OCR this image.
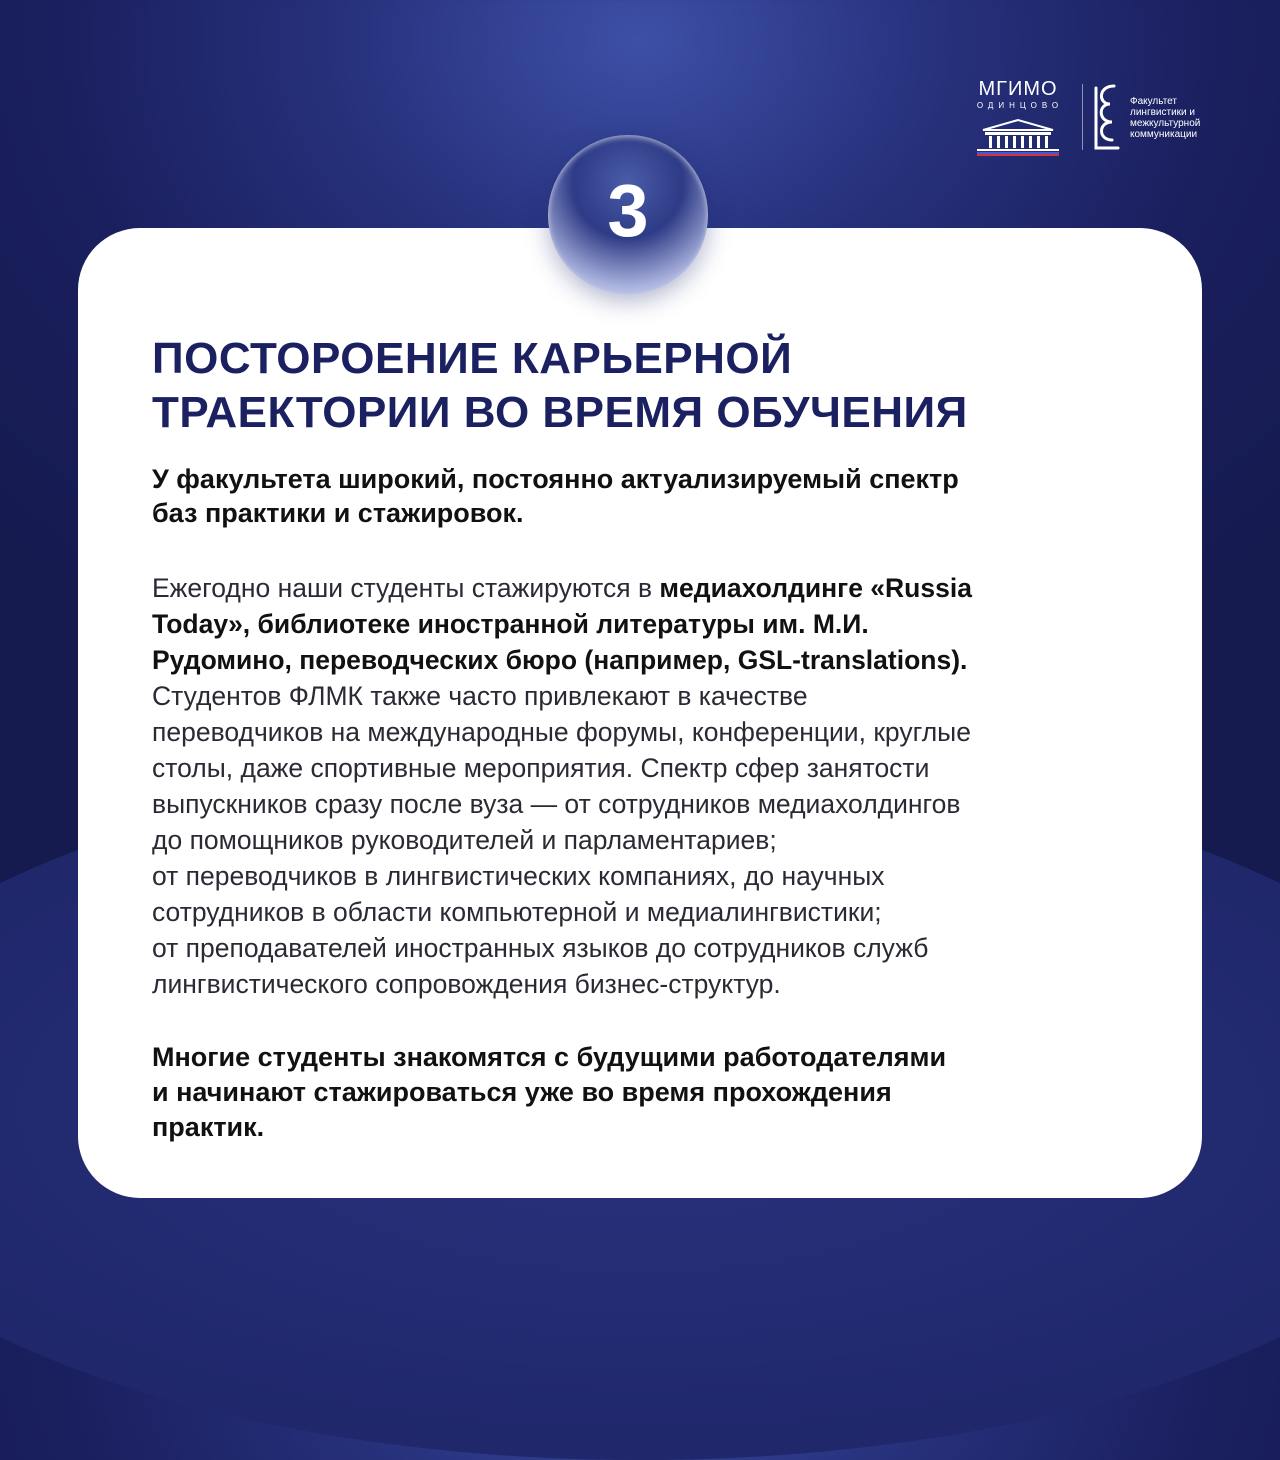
МГИМО
ОДИНЦОВО	Факультет
лингвистики и
межкультурной
коммуникации
3
ПОСТОРОЕНИЕ КАРЬЕРНОЙ
ТРАЕКТОРИИ ВО ВРЕМЯ ОБУЧЕНИЯ

У факультета широкий, постоянно актуализируемый спектр
баз практики и стажировок.

Ежегодно наши студенты стажируются в медиахолдинге «Russia
Today», библиотеке иностранной литературы им. М.И.
Рудомино, переводческих бюро (например, GSL-translations).
Студентов ФЛМК также часто привлекают в качестве
переводчиков на международные форумы, конференции, круглые
столы, даже спортивные мероприятия. Спектр сфер занятости
выпускников сразу после вуза — от сотрудников медиахолдингов
до помощников руководителей и парламентариев;
от переводчиков в лингвистических компаниях, до научных
сотрудников в области компьютерной и медиалингвистики;
от преподавателей иностранных языков до сотрудников служб
лингвистического сопровождения бизнес-структур.

Многие студенты знакомятся с будущими работодателями
и начинают стажироваться уже во время прохождения
практик.
